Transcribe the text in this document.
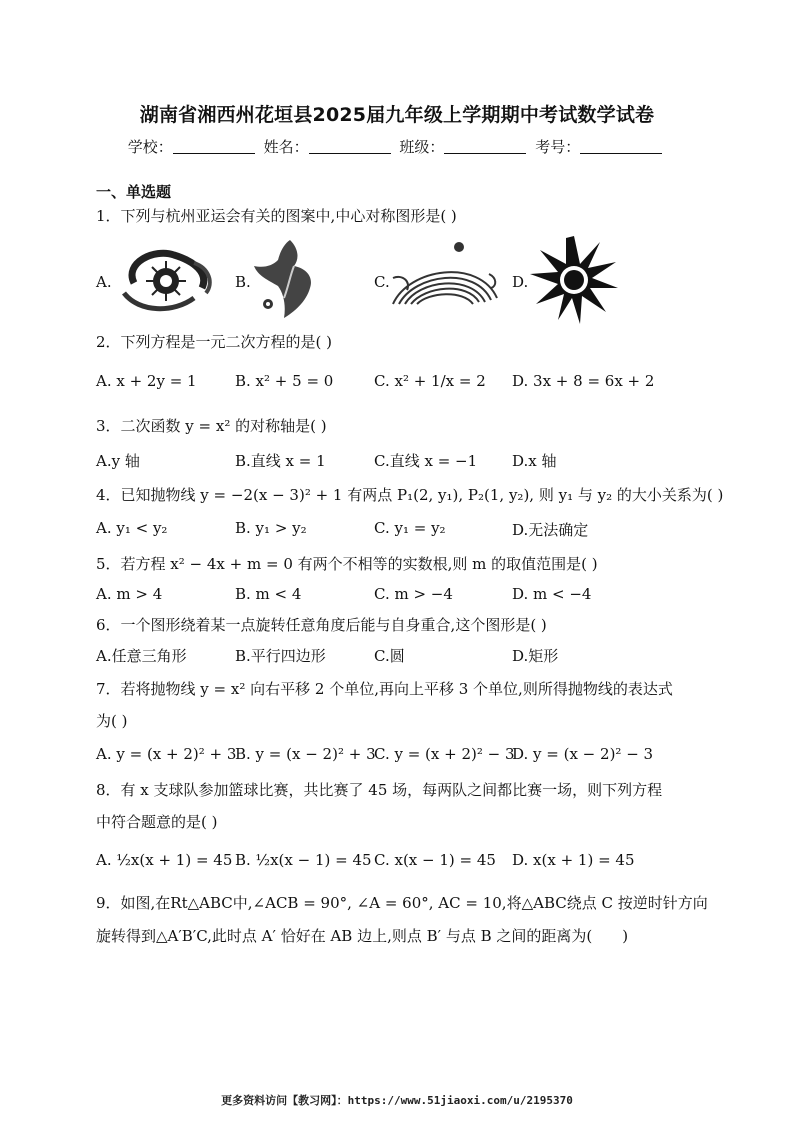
湖南省湘西州花垣县2025届九年级上学期期中考试数学试卷
学校：	姓名：	班级：	考号：
一、单选题
1．下列与杭州亚运会有关的图案中,中心对称图形是( )
A.	B.	C.	D.
2．下列方程是一元二次方程的是( )
A. x + 2y = 1	B. x² + 5 = 0	C. x² + 1/x = 2 D. 3x + 8 = 6x + 2
3．二次函数 y = x² 的对称轴是( )
A.y 轴	B.直线 x = 1	C.直线 x = −1 D.x 轴
4．已知抛物线 y = −2(x − 3)² + 1 有两点 P₁(2, y₁), P₂(1, y₂), 则 y₁ 与 y₂ 的大小关系为( )
A. y₁ < y₂	B. y₁ > y₂	C. y₁ = y₂	D.无法确定
5．若方程 x² − 4x + m = 0 有两个不相等的实数根,则 m 的取值范围是( )
A. m > 4	B. m < 4	C. m > −4	D. m < −4
6．一个图形绕着某一点旋转任意角度后能与自身重合,这个图形是( )
A.任意三角形	B.平行四边形	C.圆	D.矩形
7．若将抛物线 y = x² 向右平移 2 个单位,再向上平移 3 个单位,则所得抛物线的表达式
为( )
A. y = (x + 2)² + 3
B. y = (x − 2)² + 3
C. y = (x + 2)² − 3
D. y = (x − 2)² − 3
8．有 x 支球队参加篮球比赛，共比赛了 45 场，每两队之间都比赛一场，则下列方程
中符合题意的是( )
A. ½x(x + 1) = 45 B. ½x(x − 1) = 45 C. x(x − 1) = 45 D. x(x + 1) = 45
9．如图,在Rt△ABC中,∠ACB = 90°, ∠A = 60°, AC = 10,将△ABC绕点 C 按逆时针方向
旋转得到△A′B′C,此时点 A′ 恰好在 AB 边上,则点 B′ 与点 B 之间的距离为(　　)
更多资料访问【教习网】：https://www.51jiaoxi.com/u/2195370
